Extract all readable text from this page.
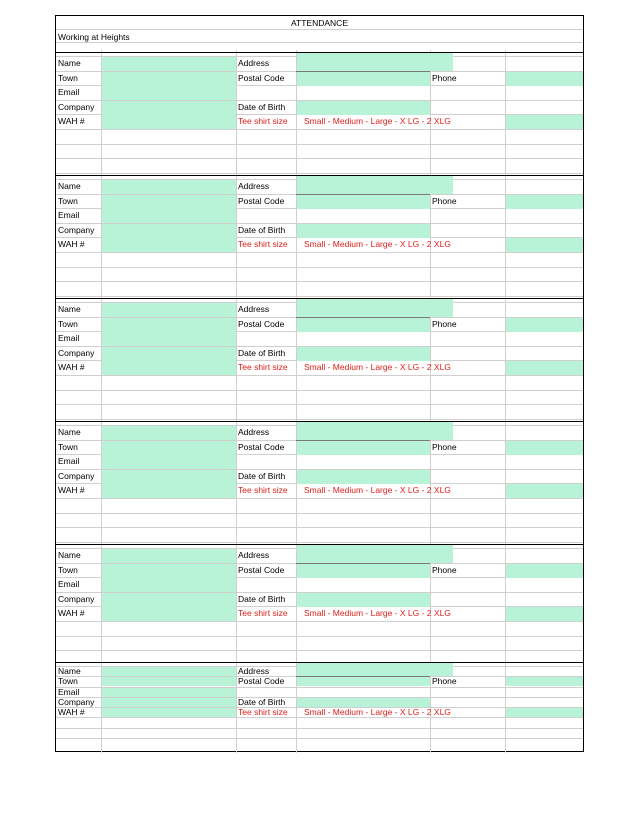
ATTENDANCE
Working at Heights
Name
Town
Email
Company
WAH #
Address
Postal Code
Date of Birth
Tee shirt size
Phone
Small - Medium - Large - X LG - 2 XLG
Name
Town
Email
Company
WAH #
Address
Postal Code
Date of Birth
Tee shirt size
Phone
Small - Medium - Large - X LG - 2 XLG
Name
Town
Email
Company
WAH #
Address
Postal Code
Date of Birth
Tee shirt size
Phone
Small - Medium - Large - X LG - 2 XLG
Name
Town
Email
Company
WAH #
Address
Postal Code
Date of Birth
Tee shirt size
Phone
Small - Medium - Large - X LG - 2 XLG
Name
Town
Email
Company
WAH #
Address
Postal Code
Date of Birth
Tee shirt size
Phone
Small - Medium - Large - X LG - 2 XLG
Name
Town
Email
Company
WAH #
Address
Postal Code
Date of Birth
Tee shirt size
Phone
Small - Medium - Large - X LG - 2 XLG
